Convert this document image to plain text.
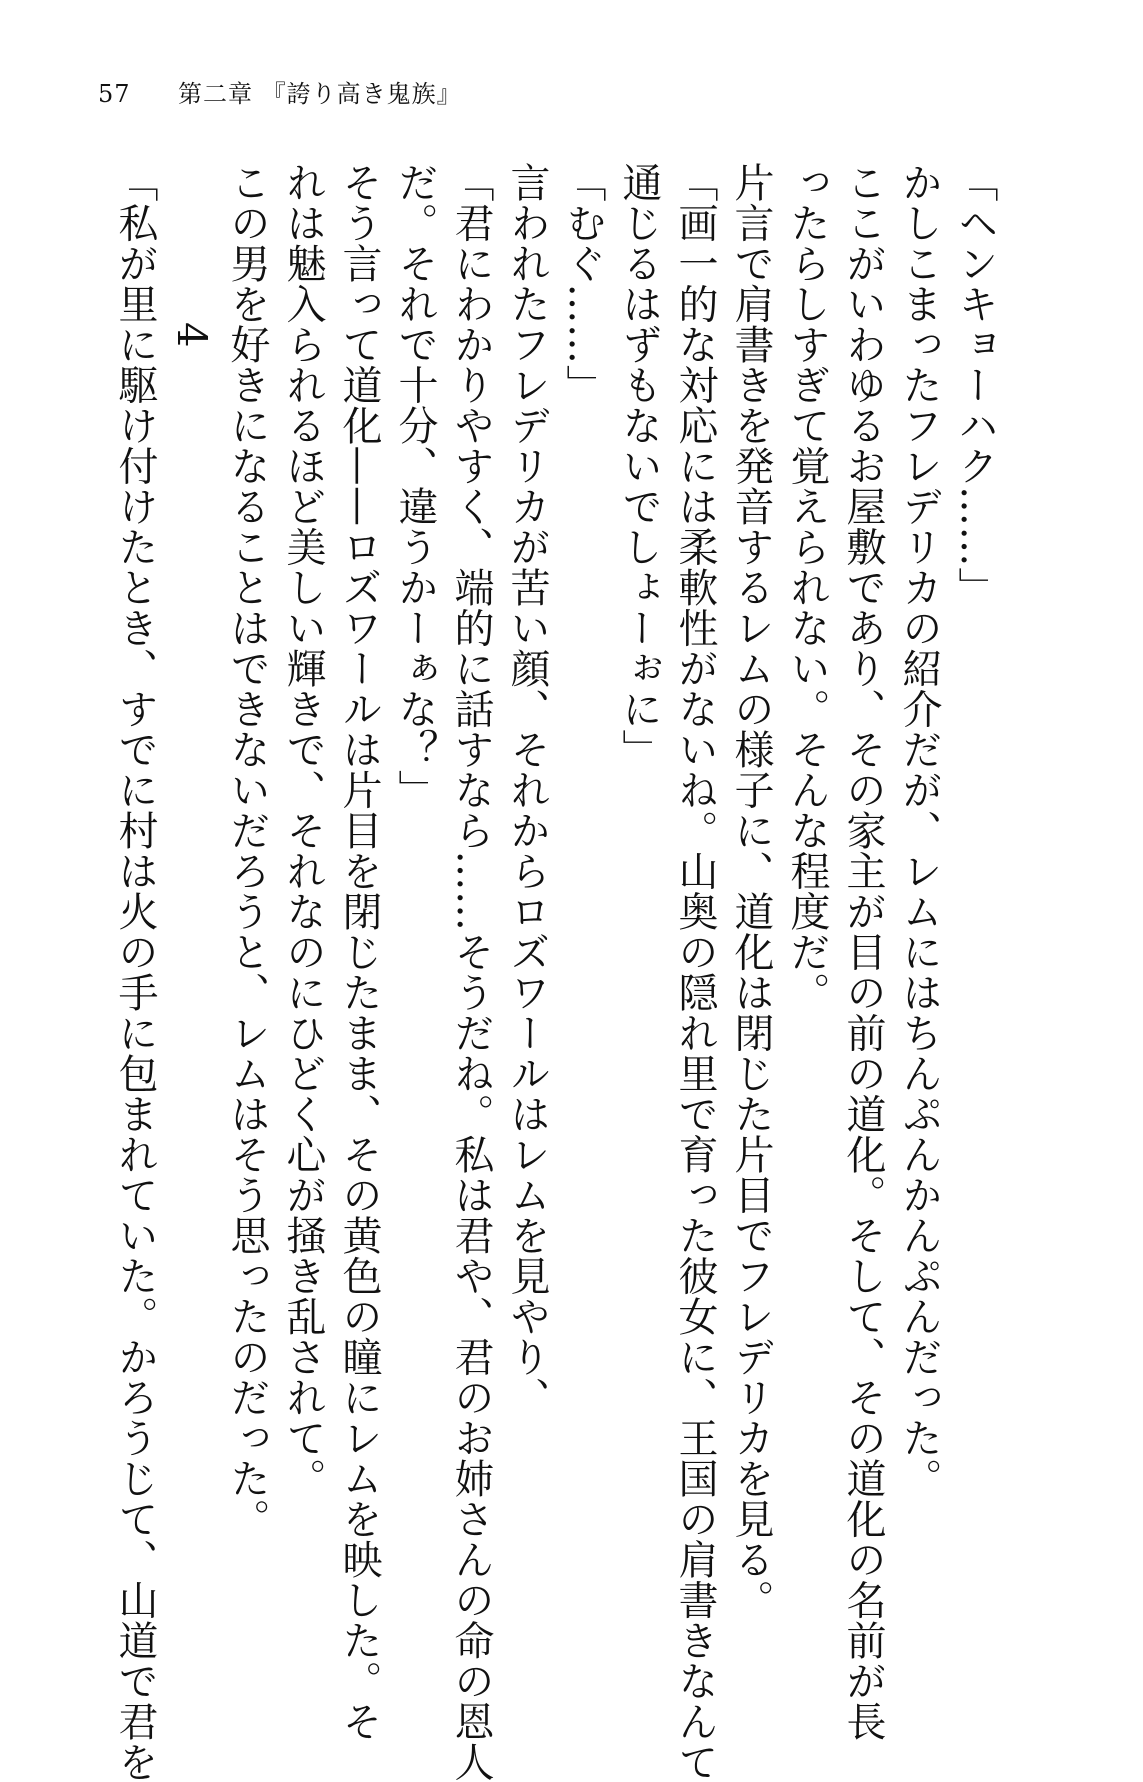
57 第二章 『誇り高き鬼族』
「ヘンキョーハク……」
かしこまったフレデリカの紹介だが、レムにはちんぷんかんぷんだった。
ここがいわゆるお屋敷であり、その家主が目の前の道化。そして、その道化の名前が長
ったらしすぎて覚えられない。そんな程度だ。
片言で肩書きを発音するレムの様子に、道化は閉じた片目でフレデリカを見る。
「画一的な対応には柔軟性がないね。山奥の隠れ里で育った彼女に、王国の肩書きなんて
通じるはずもないでしょーぉに」
「むぐ……」
言われたフレデリカが苦い顔、それからロズワールはレムを見やり、
「君にわかりやすく、端的に話すなら……そうだね。私は君や、君のお姉さんの命の恩人
だ。それで十分、違うかーぁな？」
そう言って道化——ロズワールは片目を閉じたまま、その黄色の瞳にレムを映した。そ
れは魅入られるほど美しい輝きで、それなのにひどく心が掻き乱されて。
この男を好きになることはできないだろうと、レムはそう思ったのだった。
4
「私が里に駆け付けたとき、すでに村は火の手に包まれていた。かろうじて、山道で君を
